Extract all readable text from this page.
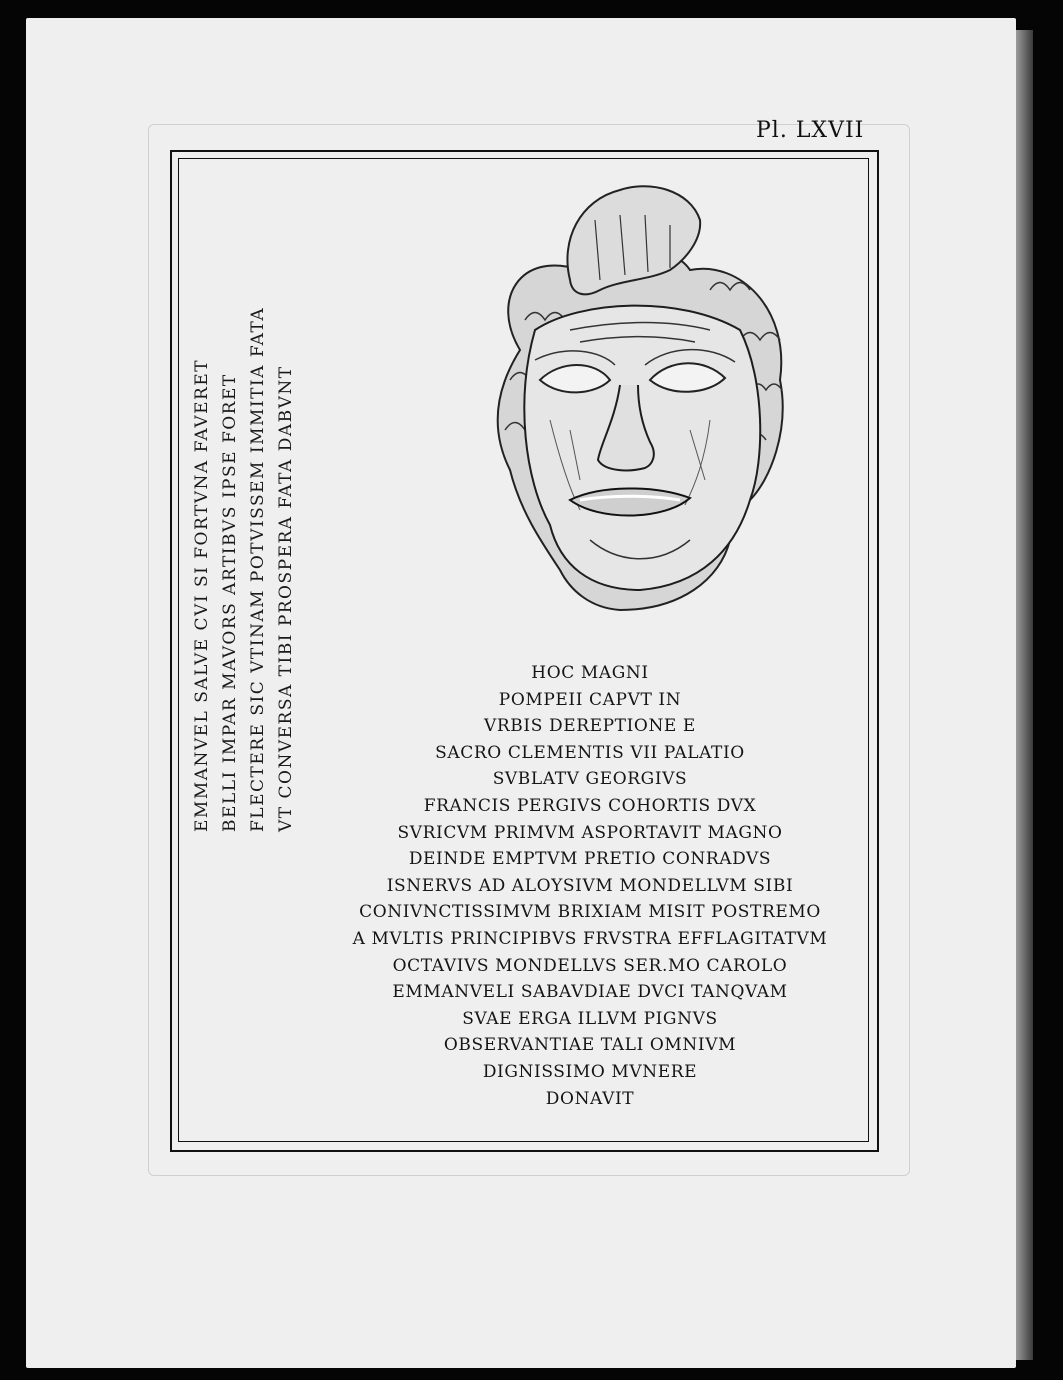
Pl. LXVII
EMMANVEL SALVE CVI SI FORTVNA FAVERET BELLI IMPAR MAVORS ARTIBVS IPSE FORET FLECTERE SIC VTINAM POTVISSEM IMMITIA FATA VT CONVERSA TIBI PROSPERA FATA DABVNT	HOC MAGNI
POMPEII CAPVT IN
VRBIS DEREPTIONE E
SACRO CLEMENTIS VII PALATIO
SVBLATV GEORGIVS
FRANCIS PERGIVS COHORTIS DVX
SVRICVM PRIMVM ASPORTAVIT MAGNO
DEINDE EMPTVM PRETIO CONRADVS
ISNERVS AD ALOYSIVM MONDELLVM SIBI
CONIVNCTISSIMVM BRIXIAM MISIT POSTREMO
A MVLTIS PRINCIPIBVS FRVSTRA EFFLAGITATVM
OCTAVIVS MONDELLVS SER.MO CAROLO
EMMANVELI SABAVDIAE DVCI TANQVAM
SVAE ERGA ILLVM PIGNVS
OBSERVANTIAE TALI OMNIVM
DIGNISSIMO MVNERE
DONAVIT
